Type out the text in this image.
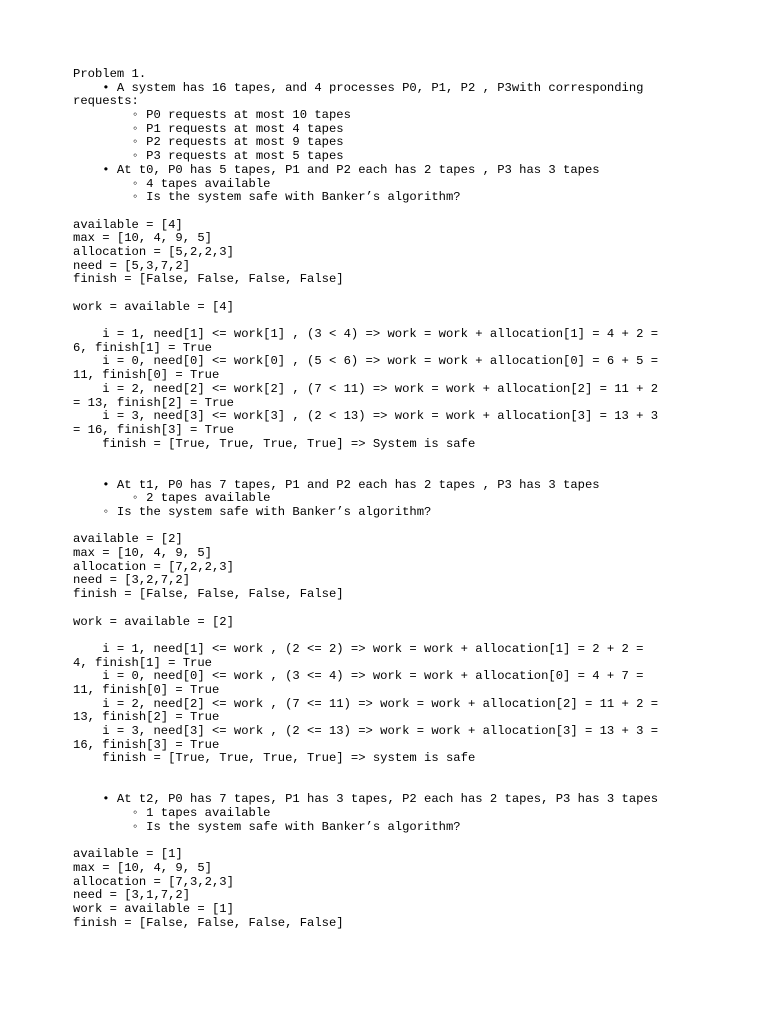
Problem 1.
• A system has 16 tapes, and 4 processes P0, P1, P2 , P3with corresponding
requests:
◦ P0 requests at most 10 tapes
◦ P1 requests at most 4 tapes
◦ P2 requests at most 9 tapes
◦ P3 requests at most 5 tapes
• At t0, P0 has 5 tapes, P1 and P2 each has 2 tapes , P3 has 3 tapes
◦ 4 tapes available
◦ Is the system safe with Banker’s algorithm?

available = [4]
max = [10, 4, 9, 5]
allocation = [5,2,2,3]
need = [5,3,7,2]
finish = [False, False, False, False]

work = available = [4]

i = 1, need[1] <= work[1] , (3 < 4) => work = work + allocation[1] = 4 + 2 =
6, finish[1] = True
i = 0, need[0] <= work[0] , (5 < 6) => work = work + allocation[0] = 6 + 5 =
11, finish[0] = True
i = 2, need[2] <= work[2] , (7 < 11) => work = work + allocation[2] = 11 + 2
= 13, finish[2] = True
i = 3, need[3] <= work[3] , (2 < 13) => work = work + allocation[3] = 13 + 3
= 16, finish[3] = True
finish = [True, True, True, True] => System is safe

• At t1, P0 has 7 tapes, P1 and P2 each has 2 tapes , P3 has 3 tapes
◦ 2 tapes available
◦ Is the system safe with Banker’s algorithm?

available = [2]
max = [10, 4, 9, 5]
allocation = [7,2,2,3]
need = [3,2,7,2]
finish = [False, False, False, False]

work = available = [2]

i = 1, need[1] <= work , (2 <= 2) => work = work + allocation[1] = 2 + 2 =
4, finish[1] = True
i = 0, need[0] <= work , (3 <= 4) => work = work + allocation[0] = 4 + 7 =
11, finish[0] = True
i = 2, need[2] <= work , (7 <= 11) => work = work + allocation[2] = 11 + 2 =
13, finish[2] = True
i = 3, need[3] <= work , (2 <= 13) => work = work + allocation[3] = 13 + 3 =
16, finish[3] = True
finish = [True, True, True, True] => system is safe

• At t2, P0 has 7 tapes, P1 has 3 tapes, P2 each has 2 tapes, P3 has 3 tapes
◦ 1 tapes available
◦ Is the system safe with Banker’s algorithm?

available = [1]
max = [10, 4, 9, 5]
allocation = [7,3,2,3]
need = [3,1,7,2]
work = available = [1]
finish = [False, False, False, False]
